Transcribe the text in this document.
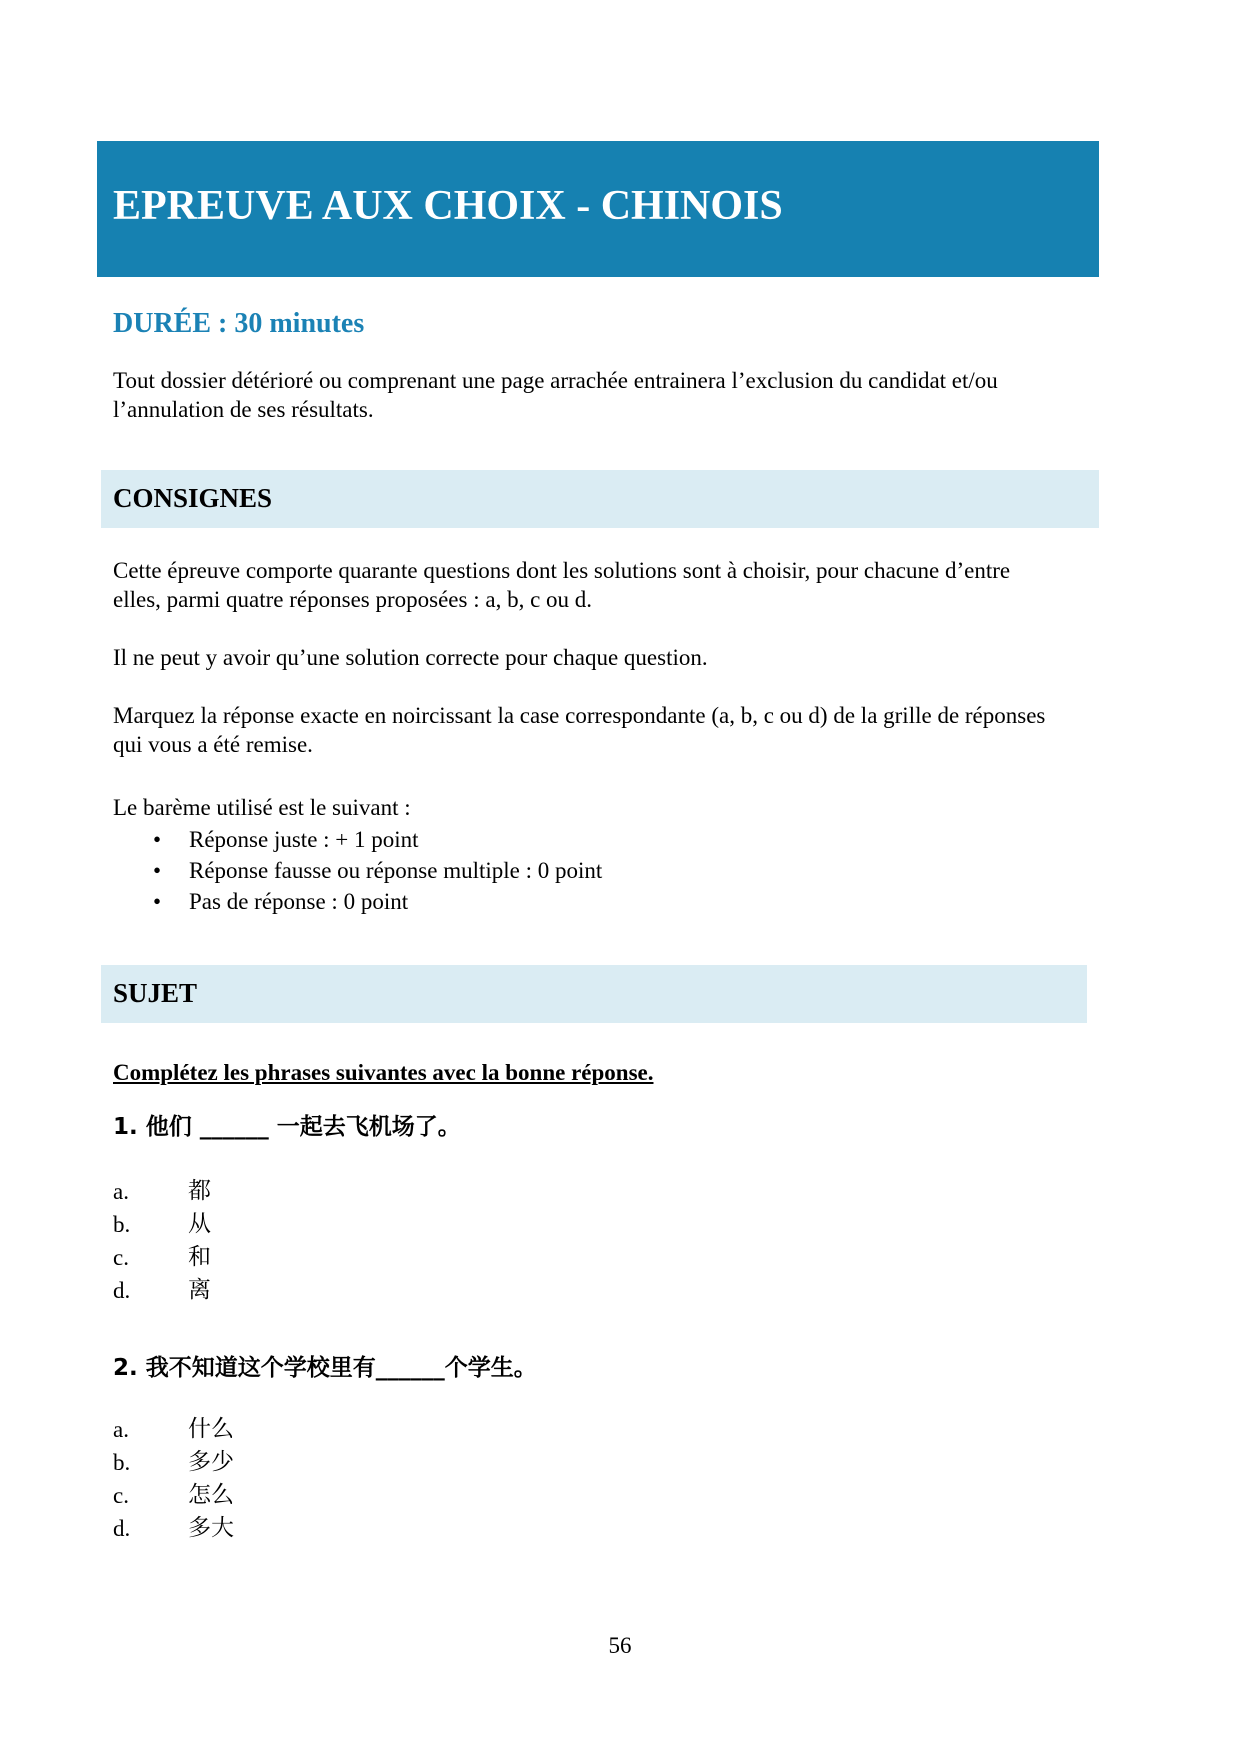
EPREUVE AUX CHOIX - CHINOIS
DURÉE : 30 minutes
Tout dossier détérioré ou comprenant une page arrachée entrainera l’exclusion du candidat et/ou
l’annulation de ses résultats.
CONSIGNES
Cette épreuve comporte quarante questions dont les solutions sont à choisir, pour chacune d’entre
elles, parmi quatre réponses proposées : a, b, c ou d.
Il ne peut y avoir qu’une solution correcte pour chaque question.
Marquez la réponse exacte en noircissant la case correspondante (a, b, c ou d) de la grille de réponses
qui vous a été remise.
Le barème utilisé est le suivant :
• Réponse juste : + 1 point
• Réponse fausse ou réponse multiple : 0 point
• Pas de réponse : 0 point
SUJET
Complétez les phrases suivantes avec la bonne réponse.
1. 他们 ______ 一起去飞机场了。
a.	都
b.	从
c.	和
d.	离
2. 我不知道这个学校里有______个学生。
a.	什么
b.	多少
c.	怎么
d.	多大
56
